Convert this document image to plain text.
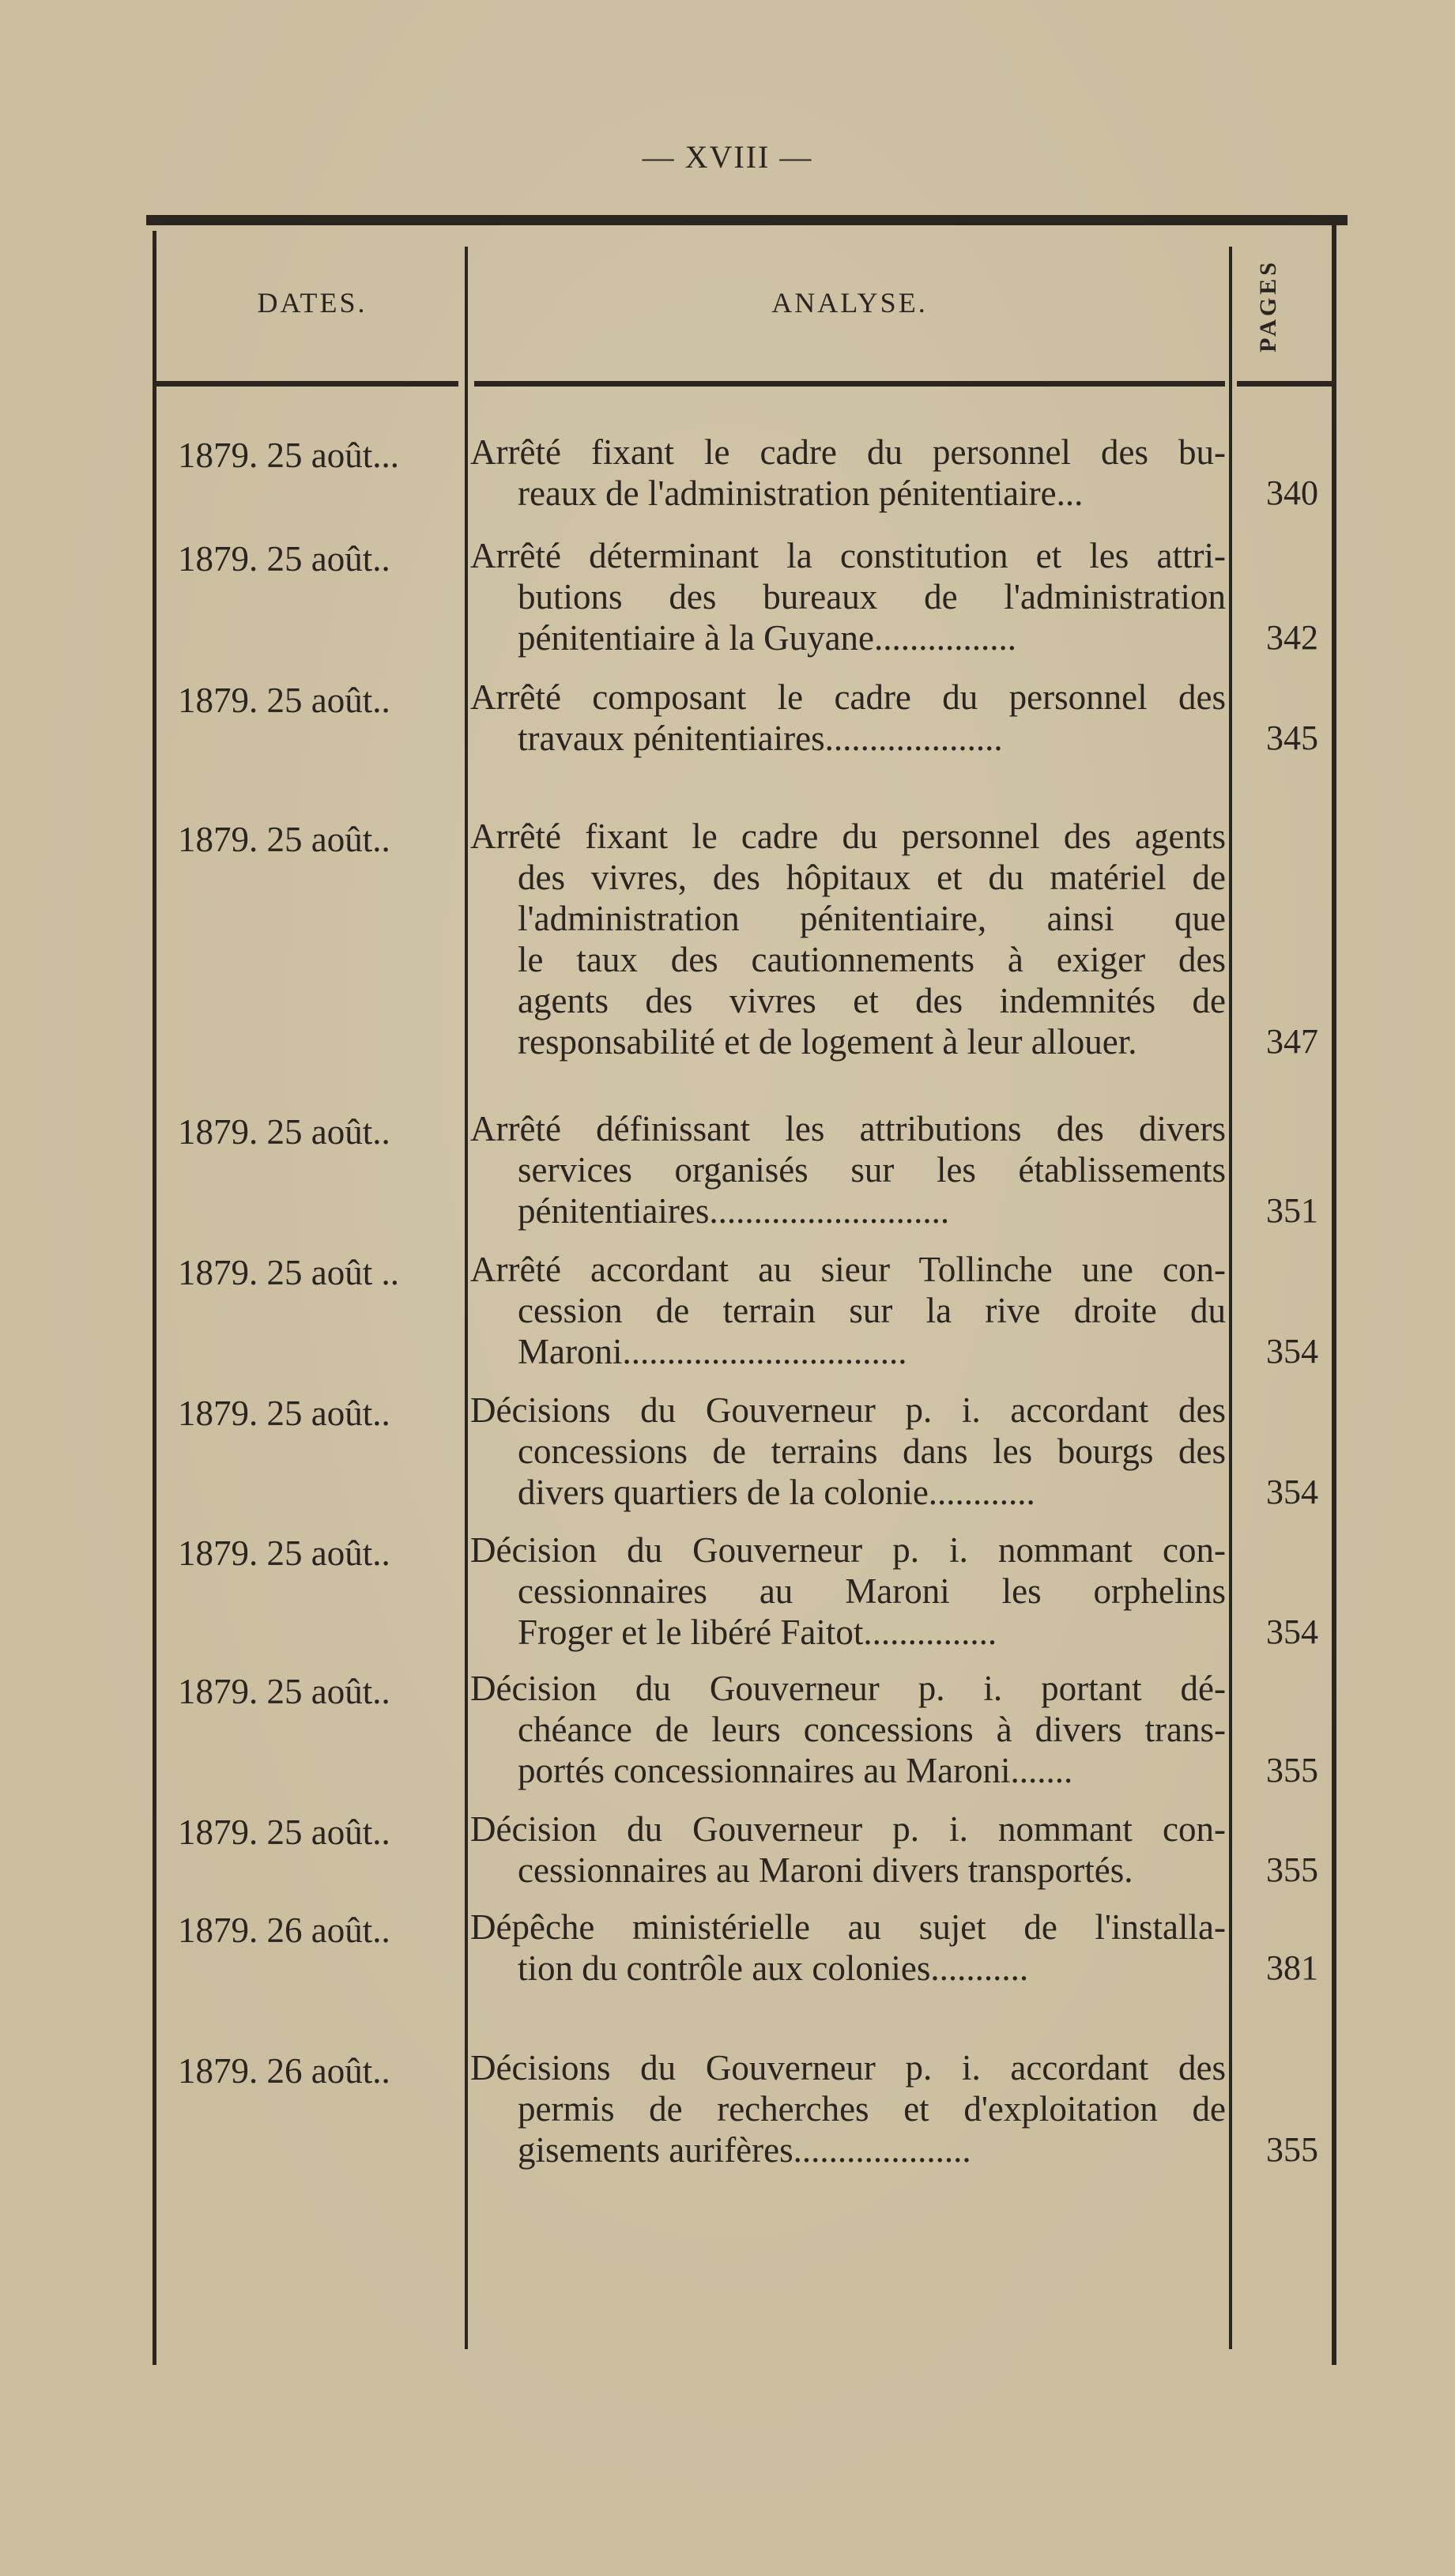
— XVIII —
DATES.	ANALYSE.	PAGES
1879. 25 août...	Arrêté fixant le cadre du personnel des bu-
reaux de l'administration pénitentiaire...	340
1879. 25 août..	Arrêté déterminant la constitution et les attri-
butions des bureaux de l'administration
pénitentiaire à la Guyane................	342
1879. 25 août..	Arrêté composant le cadre du personnel des
travaux pénitentiaires....................	345
1879. 25 août..	Arrêté fixant le cadre du personnel des agents
des vivres, des hôpitaux et du matériel de
l'administration pénitentiaire, ainsi que
le taux des cautionnements à exiger des
agents des vivres et des indemnités de
responsabilité et de logement à leur allouer.	347
1879. 25 août..	Arrêté définissant les attributions des divers
services organisés sur les établissements
pénitentiaires...........................	351
1879. 25 août ..	Arrêté accordant au sieur Tollinche une con-
cession de terrain sur la rive droite du
Maroni................................	354
1879. 25 août..	Décisions du Gouverneur p. i. accordant des
concessions de terrains dans les bourgs des
divers quartiers de la colonie............	354
1879. 25 août..	Décision du Gouverneur p. i. nommant con-
cessionnaires au Maroni les orphelins
Froger et le libéré Faitot...............	354
1879. 25 août..	Décision du Gouverneur p. i. portant dé-
chéance de leurs concessions à divers trans-
portés concessionnaires au Maroni.......	355
1879. 25 août..	Décision du Gouverneur p. i. nommant con-
cessionnaires au Maroni divers transportés.	355
1879. 26 août..	Dépêche ministérielle au sujet de l'installa-
tion du contrôle aux colonies...........	381
1879. 26 août..	Décisions du Gouverneur p. i. accordant des
permis de recherches et d'exploitation de
gisements aurifères....................	355
